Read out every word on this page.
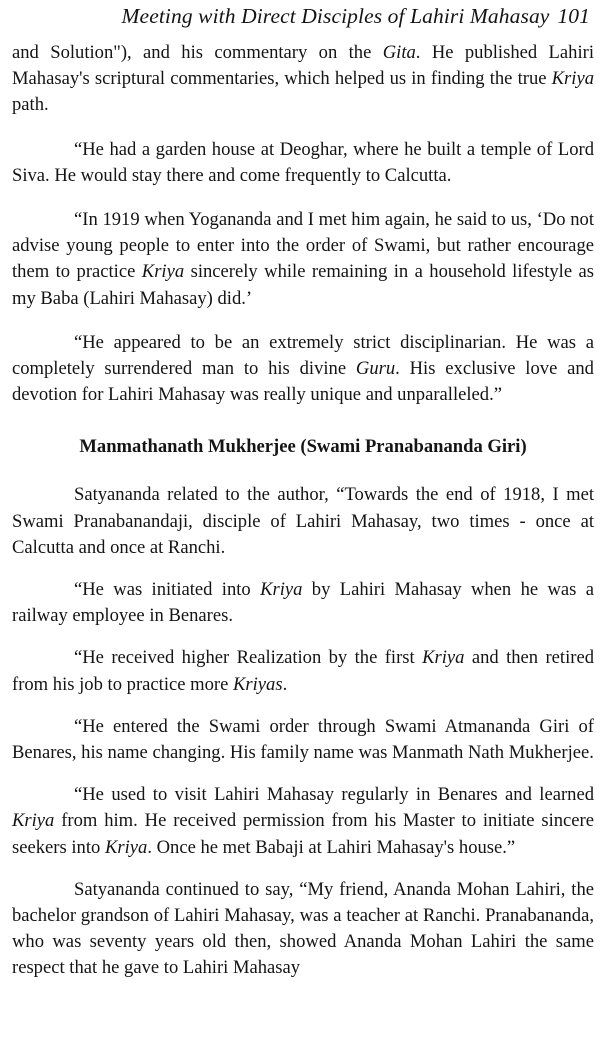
Meeting with Direct Disciples of Lahiri Mahasay 101

and Solution"), and his commentary on the Gita. He published Lahiri Mahasay's scriptural commentaries, which helped us in finding the true Kriya path.

“He had a garden house at Deoghar, where he built a temple of Lord Siva. He would stay there and come frequently to Calcutta.

“In 1919 when Yogananda and I met him again, he said to us, ‘Do not advise young people to enter into the order of Swami, but rather encourage them to practice Kriya sincerely while remaining in a household lifestyle as my Baba (Lahiri Mahasay) did.’

“He appeared to be an extremely strict disciplinarian. He was a completely surrendered man to his divine Guru. His exclusive love and devotion for Lahiri Mahasay was really unique and unparalleled.”

Manmathanath Mukherjee (Swami Pranabananda Giri)

Satyananda related to the author, “Towards the end of 1918, I met Swami Pranabanandaji, disciple of Lahiri Mahasay, two times - once at Calcutta and once at Ranchi.

“He was initiated into Kriya by Lahiri Mahasay when he was a railway employee in Benares.

“He received higher Realization by the first Kriya and then retired from his job to practice more Kriyas.

“He entered the Swami order through Swami Atmananda Giri of Benares, his name changing. His family name was Manmath Nath Mukherjee.

“He used to visit Lahiri Mahasay regularly in Benares and learned Kriya from him. He received permission from his Master to initiate sincere seekers into Kriya. Once he met Babaji at Lahiri Mahasay's house.”

Satyananda continued to say, “My friend, Ananda Mohan Lahiri, the bachelor grandson of Lahiri Mahasay, was a teacher at Ranchi. Pranabananda, who was seventy years old then, showed Ananda Mohan Lahiri the same respect that he gave to Lahiri Mahasay
